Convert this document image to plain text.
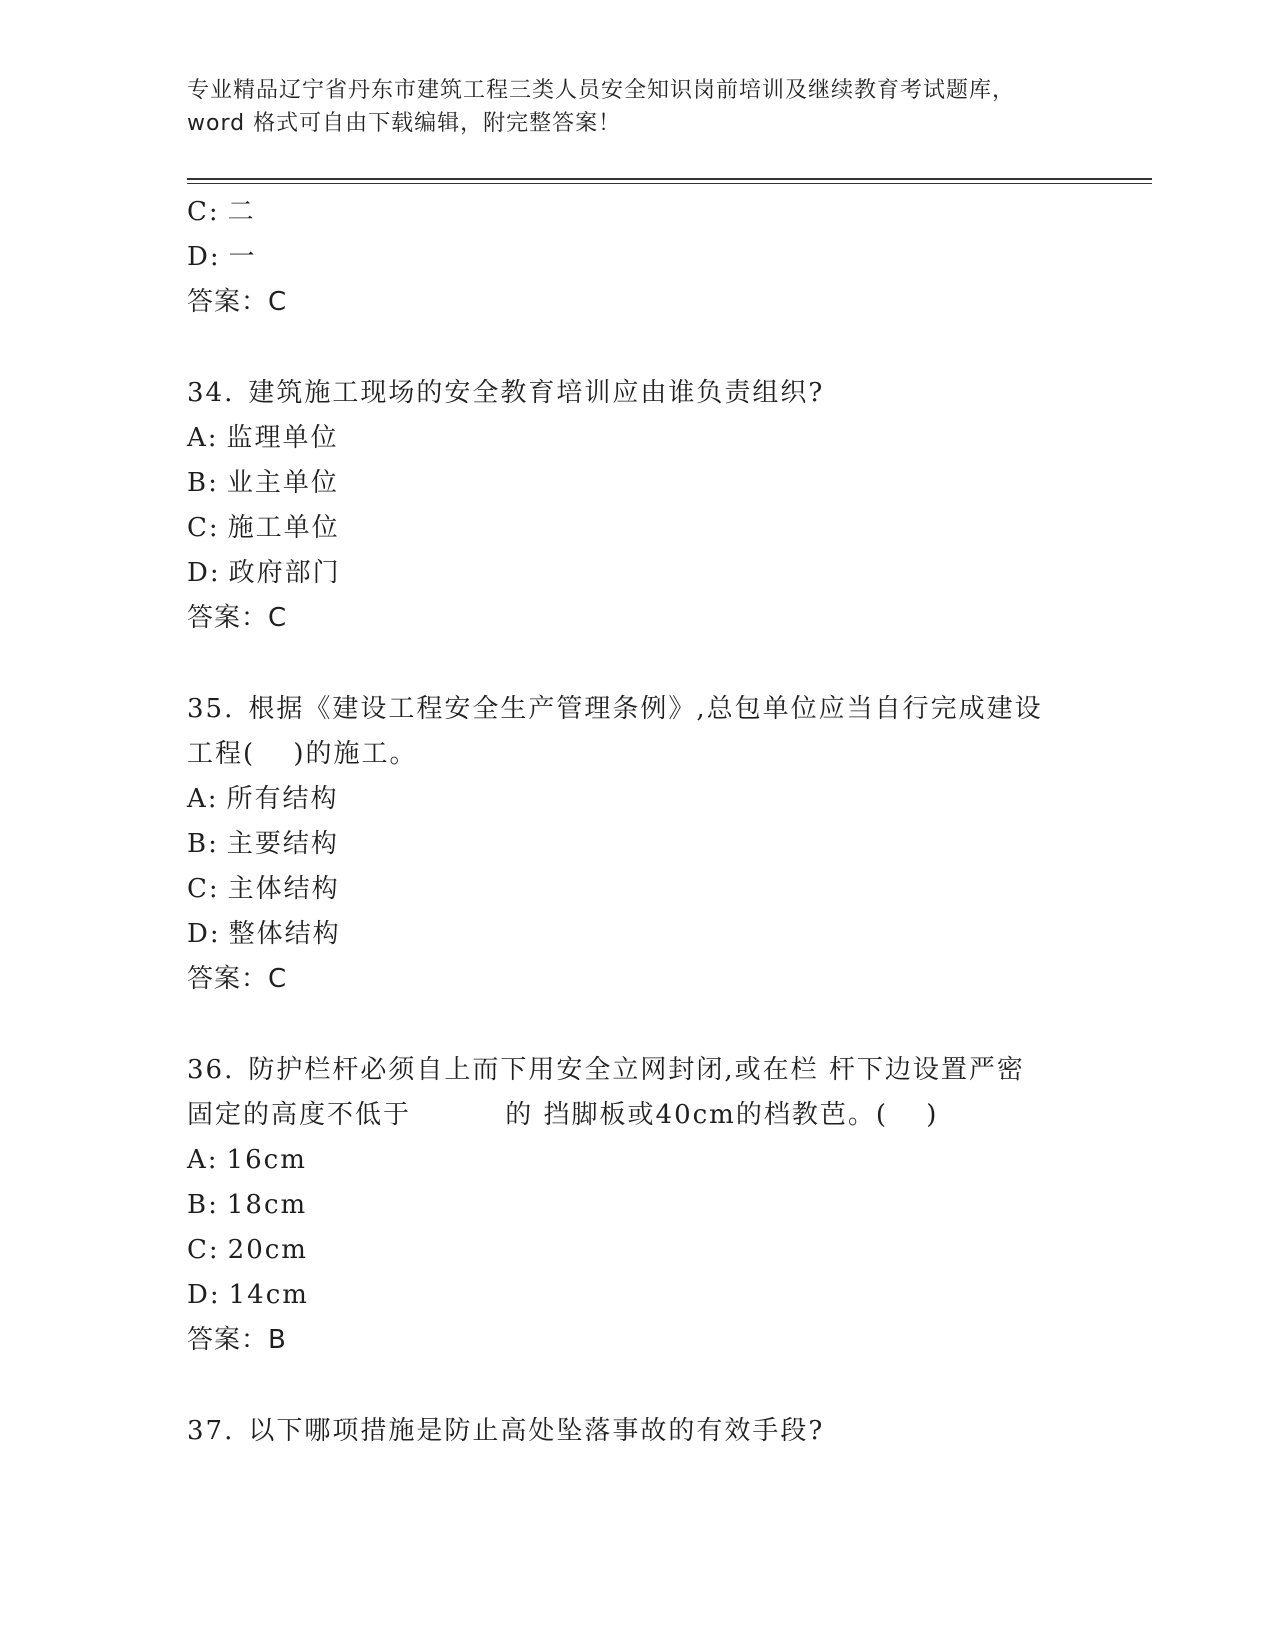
专业精品辽宁省丹东市建筑工程三类人员安全知识岗前培训及继续教育考试题库，
word 格式可自由下载编辑，附完整答案！
C: 二
D: 一
答案：C
34. 建筑施工现场的安全教育培训应由谁负责组织?
A: 监理单位
B: 业主单位
C: 施工单位
D: 政府部门
答案：C
35. 根据《建设工程安全生产管理条例》,总包单位应当自行完成建设
工程(　 )的施工。
A: 所有结构
B: 主要结构
C: 主体结构
D: 整体结构
答案：C
36. 防护栏杆必须自上而下用安全立网封闭,或在栏 杆下边设置严密
固定的高度不低于　　　 的 挡脚板或40cm的档教芭。(　 )
A: 16cm
B: 18cm
C: 20cm
D: 14cm
答案：B
37. 以下哪项措施是防止高处坠落事故的有效手段?
